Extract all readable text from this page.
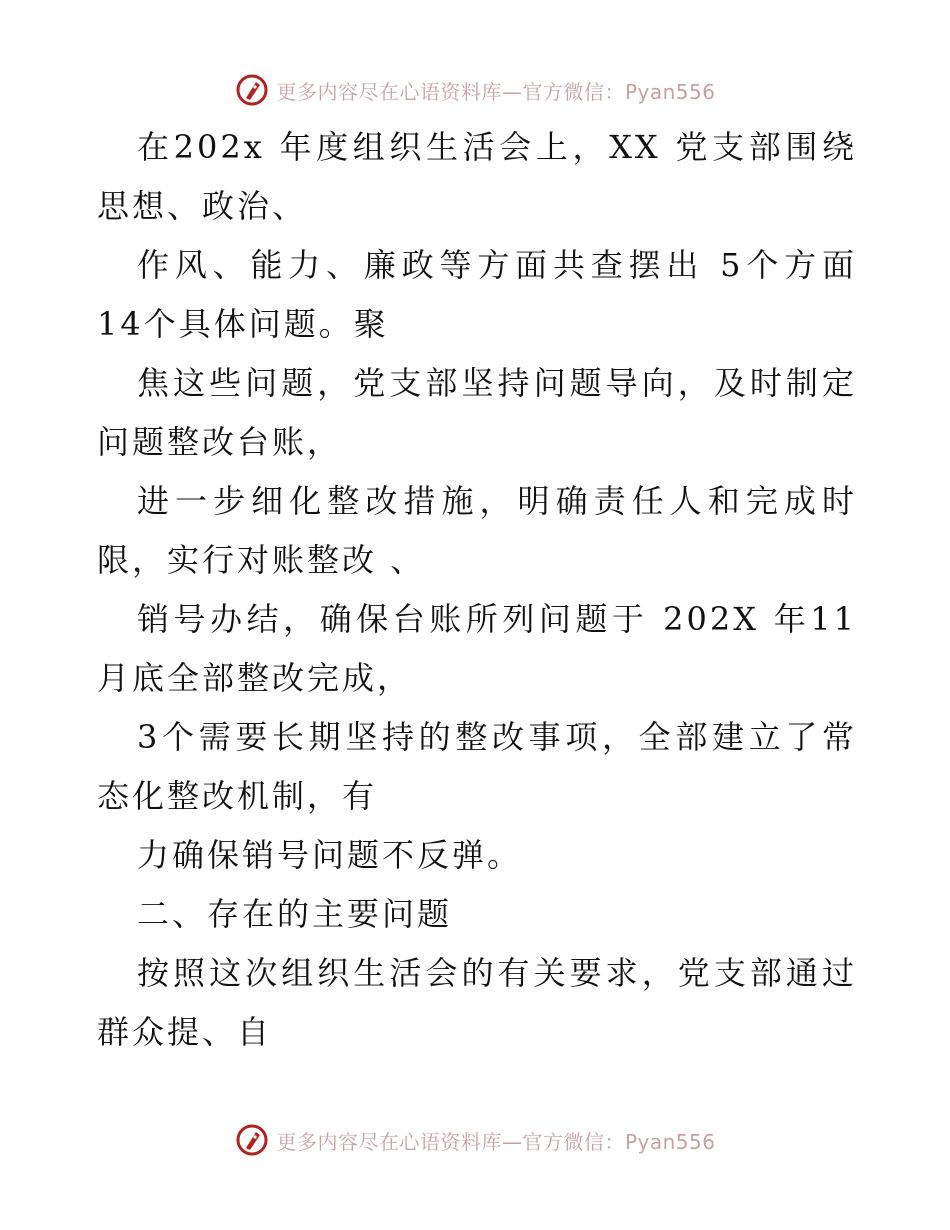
更多内容尽在心语资料库—官方微信：Pyan556

在202x 年度组织生活会上，XX 党支部围绕思想、政治、

作风、能力、廉政等方面共查摆出 5个方面 14个具体问题。聚

焦这些问题，党支部坚持问题导向，及时制定问题整改台账，

进一步细化整改措施，明确责任人和完成时限，实行对账整改 、

销号办结，确保台账所列问题于 202X 年11 月底全部整改完成，

3个需要长期坚持的整改事项，全部建立了常态化整改机制，有

力确保销号问题不反弹。

二、存在的主要问题

按照这次组织生活会的有关要求，党支部通过群众提、自

更多内容尽在心语资料库—官方微信：Pyan556
